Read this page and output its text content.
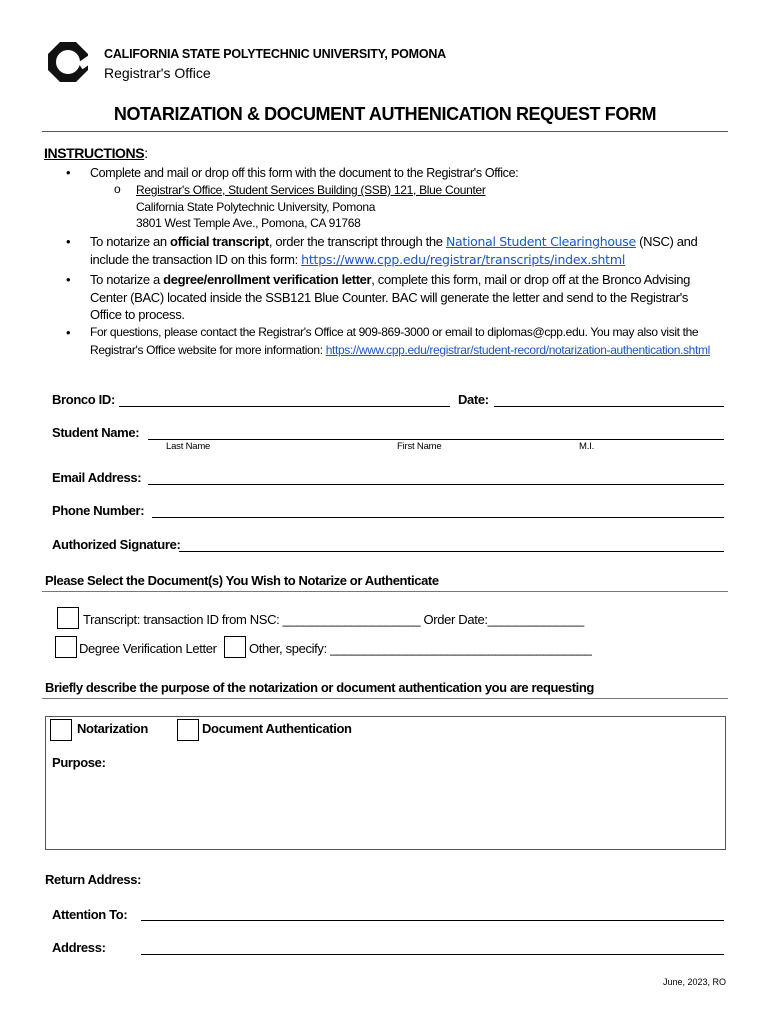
CALIFORNIA STATE POLYTECHNIC UNIVERSITY, POMONA
Registrar's Office
NOTARIZATION & DOCUMENT AUTHENICATION REQUEST FORM
INSTRUCTIONS:
• Complete and mail or drop off this form with the document to the Registrar's Office:
o Registrar's Office, Student Services Building (SSB) 121, Blue Counter
California State Polytechnic University, Pomona
3801 West Temple Ave., Pomona, CA 91768
• To notarize an official transcript, order the transcript through the National Student Clearinghouse (NSC) and
include the transaction ID on this form: https://www.cpp.edu/registrar/transcripts/index.shtml
• To notarize a degree/enrollment verification letter, complete this form, mail or drop off at the Bronco Advising
Center (BAC) located inside the SSB121 Blue Counter. BAC will generate the letter and send to the Registrar's
Office to process.
• For questions, please contact the Registrar's Office at 909-869-3000 or email to diplomas@cpp.edu. You may also visit the
Registrar's Office website for more information: https://www.cpp.edu/registrar/student-record/notarization-authentication.shtml
Bronco ID:	Date:
Student Name:
Last Name	First Name	M.I.
Email Address:
Phone Number:
Authorized Signature:
Please Select the Document(s) You Wish to Notarize or Authenticate
Transcript: transaction ID from NSC: ____________________ Order Date:______________
Degree Verification Letter Other, specify: ______________________________________
Briefly describe the purpose of the notarization or document authentication you are requesting
Notarization	Document Authentication
Purpose:
Return Address:
Attention To:
Address:
June, 2023, RO
